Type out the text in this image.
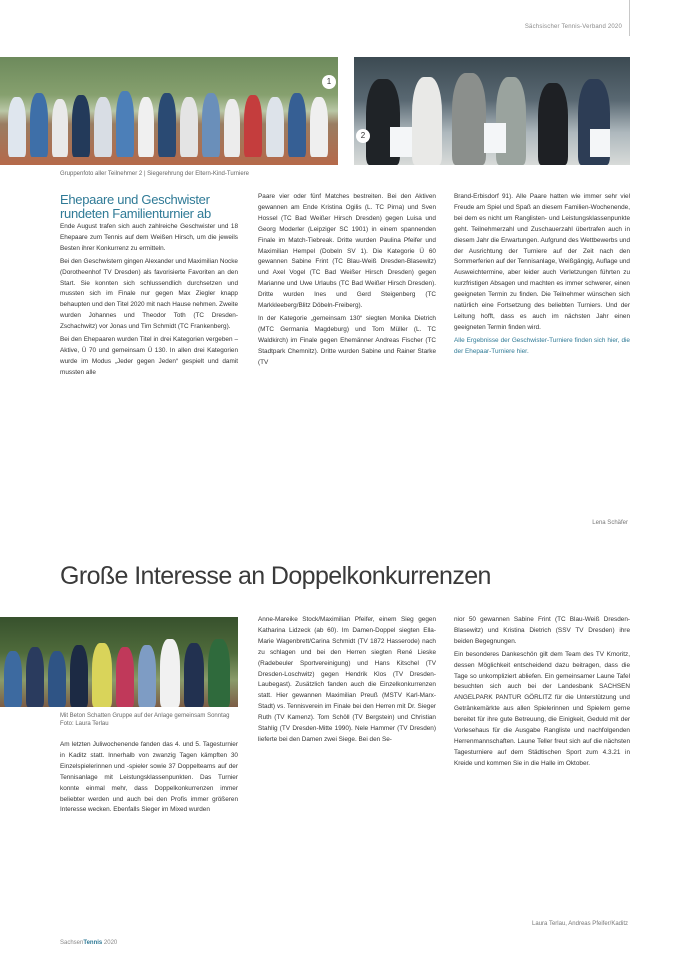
Sächsischer Tennis-Verband 2020
1
2
Gruppenfoto aller Teilnehmer 2 | Siegerehrung der Eltern-Kind-Turniere
Ehepaare und Geschwister rundeten Familienturnier ab

Ende August trafen sich auch zahlreiche Geschwister und 18 Ehepaare zum Tennis auf dem Weißen Hirsch, um die jeweils Besten ihrer Konkurrenz zu ermitteln.

Bei den Geschwistern gingen Alexander und Maximilian Nocke (Dorotheenhof TV Dresden) als favorisierte Favoriten an den Start. Sie konnten sich schlussendlich durchsetzen und mussten sich im Finale nur gegen Max Ziegler knapp behaupten und den Titel 2020 mit nach Hause nehmen. Zweite wurden Johannes und Theodor Toth (TC Dresden-Zschachwitz) vor Jonas und Tim Schmidt (TC Frankenberg).

Bei den Ehepaaren wurden Titel in drei Kategorien vergeben – Aktive, Ü 70 und gemeinsam Ü 130. In allen drei Kategorien wurde im Modus „Jeder gegen Jeden“ gespielt und damit mussten alle

Paare vier oder fünf Matches bestreiten. Bei den Aktiven gewannen am Ende Kristina Ogilis (L. TC Pirna) und Sven Hossel (TC Bad Weißer Hirsch Dresden) gegen Luisa und Georg Moderler (Leipziger SC 1901) in einem spannenden Finale im Match-Tiebreak. Dritte wurden Paulina Pfeifer und Maximilian Hempel (Dobeln SV 1). Die Kategorie Ü 60 gewannen Sabine Frint (TC Blau-Weiß Dresden-Blasewitz) und Axel Vogel (TC Bad Weißer Hirsch Dresden) gegen Marianne und Uwe Urlaubs (TC Bad Weißer Hirsch Dresden). Dritte wurden Ines und Gerd Steigenberg (TC Markkleeberg/Blitz Döbeln-Freiberg).

In der Kategorie „gemeinsam 130“ siegten Monika Dietrich (MTC Germania Magdeburg) und Tom Müller (L. TC Waldkirch) im Finale gegen Ehemänner Andreas Fischer (TC Stadtpark Chemnitz). Dritte wurden Sabine und Rainer Starke (TV

Brand-Erbisdorf 91). Alle Paare hatten wie immer sehr viel Freude am Spiel und Spaß an diesem Familien-Wochenende, bei dem es nicht um Ranglisten- und Leistungsklassenpunkte geht. Teilnehmerzahl und Zuschauerzahl übertrafen auch in diesem Jahr die Erwartungen. Aufgrund des Wettbewerbs und der Ausrichtung der Turniere auf der Zeit nach den Sommerferien auf der Tennisanlage, Weißgängig, Auflage und Ausweichtermine, aber leider auch Verletzungen führten zu kurzfristigen Absagen und machten es immer schwerer, einen geeigneten Termin zu finden. Die Teilnehmer wünschen sich natürlich eine Fortsetzung des beliebten Turniers. Und der Leitung hofft, dass es auch im nächsten Jahr einen geeigneten Termin finden wird.

Alle Ergebnisse der Geschwister-Turniere finden sich hier, die der Ehepaar-Turniere hier.

Lena Schäfer
Große Interesse an Doppelkonkurrenzen
Mit Beton Schatten Gruppe auf der Anlage gemeinsam Sonntag Foto: Laura Terlau

Am letzten Juliwochenende fanden das 4. und 5. Tagesturnier in Kaditz statt. Innerhalb von zwanzig Tagen kämpften 30 Einzelspielerinnen und -spieler sowie 37 Doppelteams auf der Tennisanlage mit Leistungsklassenpunkten. Das Turnier konnte einmal mehr, dass Doppelkonkurrenzen immer beliebter werden und auch bei den Profis immer größeren Interesse wecken. Ebenfalls Sieger im Mixed wurden

Anne-Mareike Stock/Maximilian Pfeifer, einem Sieg gegen Katharina Lidzeck (ab 60). Im Damen-Doppel siegten Ella-Marie Wagenbrett/Carina Schmidt (TV 1872 Hasserode) nach zu schlagen und bei den Herren siegten René Lieske (Radebeuler Sportvereinigung) und Hans Kitschel (TV Dresden-Loschwitz) gegen Hendrik Klos (TV Dresden-Laubegast). Zusätzlich fanden auch die Einzelkonkurrenzen statt. Hier gewannen Maximilian Preuß (MSTV Karl-Marx-Stadt) vs. Tennisverein im Finale bei den Herren mit Dr. Sieger Ruth (TV Kamenz). Tom Schöll (TV Bergstein) und Christian Stahlig (TV Dresden-Mitte 1990). Nele Hammer (TV Dresden) lieferte bei den Damen zwei Siege. Bei den Se-

nior 50 gewannen Sabine Frint (TC Blau-Weiß Dresden-Blasewitz) und Kristina Dietrich (SSV TV Dresden) ihre beiden Begegnungen.

Ein besonderes Dankeschön gilt dem Team des TV Kmoritz, dessen Möglichkeit entscheidend dazu beitragen, dass die Tage so unkompliziert abliefen. Ein gemeinsamer Laune Tafel besuchten sich auch bei der Landesbank SACHSEN ANGELPARK PANTUR GÖRLITZ für die Unterstützung und Getränkemärkte aus allen Spielerinnen und Spielern gerne bereitet für ihre gute Betreuung, die Einigkeit, Geduld mit der Vorlesehaus für die Ausgabe Rangliste und nachfolgenden Herrenmannschaften. Laune Teller freut sich auf die nächsten Tagesturniere auf dem Städtischen Sport zum 4.3.21 in Kreide und kommen Sie in die Halle im Oktober.

Laura Terlau, Andreas Pfeifer/Kaditz
SachsenTennis 2020
